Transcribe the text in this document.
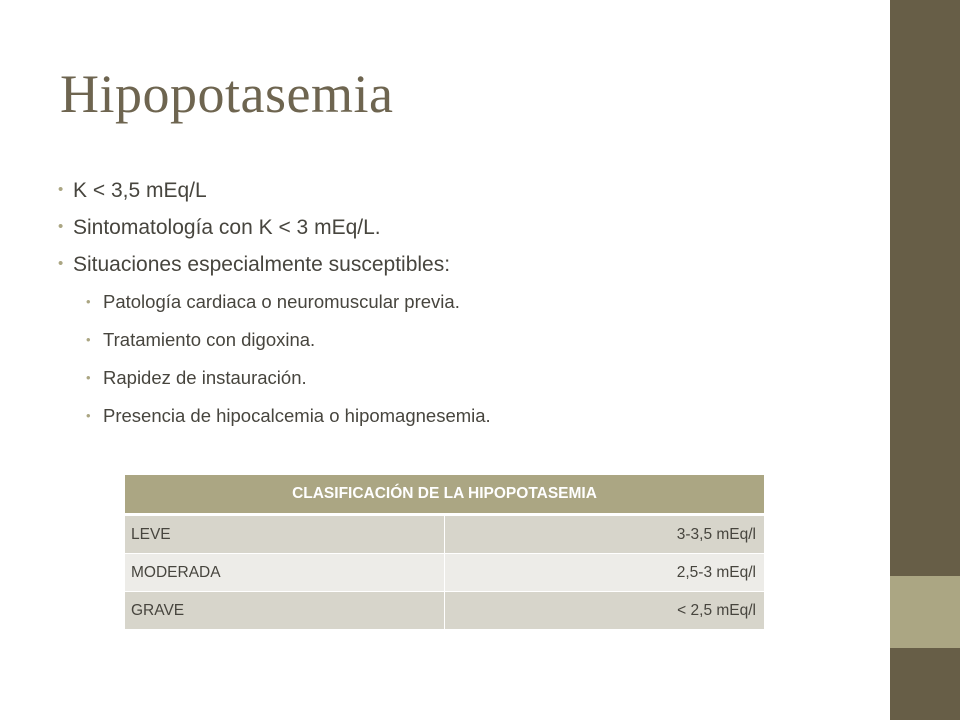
Hipopotasemia
• K < 3,5 mEq/L
• Sintomatología con K < 3 mEq/L.
• Situaciones especialmente susceptibles:
• Patología cardiaca o neuromuscular previa.
• Tratamiento con digoxina.
• Rapidez de instauración.
• Presencia de hipocalcemia o hipomagnesemia.
CLASIFICACIÓN DE LA HIPOPOTASEMIA	
LEVE	3-3,5 mEq/l
MODERADA	2,5-3 mEq/l
GRAVE	< 2,5 mEq/l
